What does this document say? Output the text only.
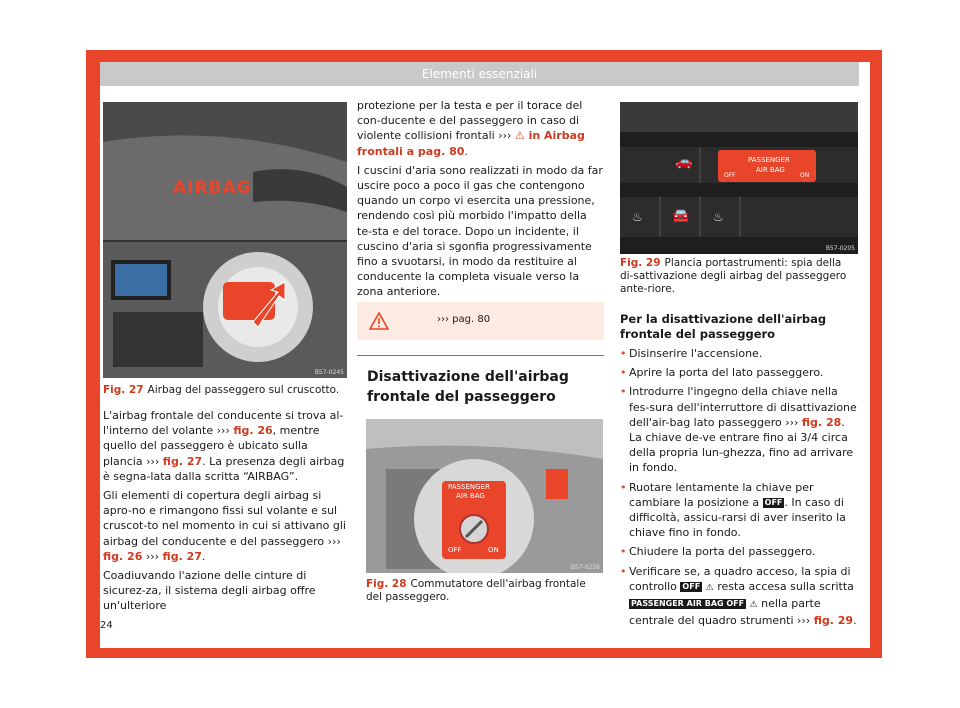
Elementi essenziali
AIRBAG
B57-0245
Fig. 27 Airbag del passeggero sul cruscotto.

L'airbag frontale del conducente si trova al-l'interno del volante ››› fig. 26, mentre quello del passeggero è ubicato sulla plancia ››› fig. 27. La presenza degli airbag è segna-lata dalla scritta “AIRBAG”.

Gli elementi di copertura degli airbag si apro-no e rimangono fissi sul volante e sul cruscot-to nel momento in cui si attivano gli airbag del conducente e del passeggero ››› fig. 26 ››› fig. 27.

Coadiuvando l'azione delle cinture di sicurez-za, il sistema degli airbag offre un'ulteriore

24

protezione per la testa e per il torace del con-ducente e del passeggero in caso di violente collisioni frontali ››› ⚠ in Airbag frontali a pag. 80.

I cuscini d'aria sono realizzati in modo da far uscire poco a poco il gas che contengono quando un corpo vi esercita una pressione, rendendo così più morbido l'impatto della te-sta e del torace. Dopo un incidente, il cuscino d'aria si sgonfia progressivamente fino a svuotarsi, in modo da restituire al conducente la completa visuale verso la zona anteriore.

››› pag. 80
Disattivazione dell'airbag frontale del passeggero
PASSENGER
AIR BAG
OFF	ON
B57-0226
Fig. 28 Commutatore dell'airbag frontale del passeggero.
🚗
♨ 🚘 ♨
PASSENGER
AIR BAG
OFF	ON
B57-0205
Fig. 29 Plancia portastrumenti: spia della di-sattivazione degli airbag del passeggero ante-riore.
Per la disattivazione dell'airbag frontale del passeggero

• Disinserire l'accensione.

• Aprire la porta del lato passeggero.

• Introdurre l'ingegno della chiave nella fes-sura dell'interruttore di disattivazione dell'air-bag lato passeggero ››› fig. 28. La chiave de-ve entrare fino ai 3/4 circa della propria lun-ghezza, fino ad arrivare in fondo.

• Ruotare lentamente la chiave per cambiare la posizione a OFF . In caso di difficoltà, assicu-rarsi di aver inserito la chiave fino in fondo.

• Chiudere la porta del passeggero.

• Verificare se, a quadro acceso, la spia di controllo OFF ⚠ resta accesa sulla scritta PASSENGER AIR BAG OFF ⚠ nella parte centrale del quadro strumenti ››› fig. 29.
